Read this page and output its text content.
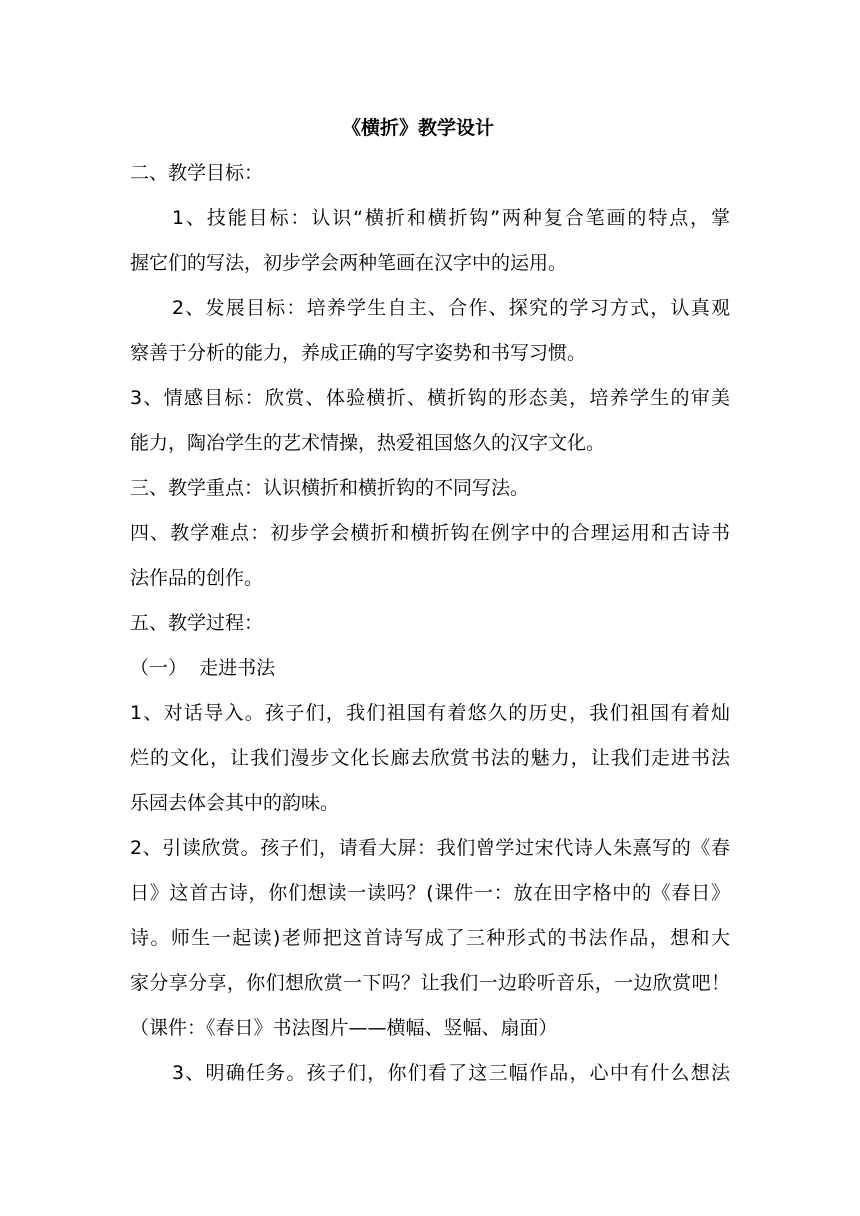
《横折》教学设计
二、教学目标：
1、技能目标：认识“横折和横折钩”两种复合笔画的特点，掌
握它们的写法，初步学会两种笔画在汉字中的运用。
2、发展目标：培养学生自主、合作、探究的学习方式，认真观
察善于分析的能力，养成正确的写字姿势和书写习惯。
3、情感目标：欣赏、体验横折、横折钩的形态美，培养学生的审美
能力，陶冶学生的艺术情操，热爱祖国悠久的汉字文化。
三、教学重点：认识横折和横折钩的不同写法。
四、教学难点：初步学会横折和横折钩在例字中的合理运用和古诗书
法作品的创作。
五、教学过程：
（一）  走进书法
1、对话导入。孩子们，我们祖国有着悠久的历史，我们祖国有着灿
烂的文化，让我们漫步文化长廊去欣赏书法的魅力，让我们走进书法
乐园去体会其中的韵味。
2、引读欣赏。孩子们，请看大屏：我们曾学过宋代诗人朱熹写的《春
日》这首古诗，你们想读一读吗？(课件一：放在田字格中的《春日》
诗。师生一起读)老师把这首诗写成了三种形式的书法作品，想和大
家分享分享，你们想欣赏一下吗？让我们一边聆听音乐，一边欣赏吧！
（课件：《春日》书法图片——横幅、竖幅、扇面）
3、明确任务。孩子们，你们看了这三幅作品，心中有什么想法
